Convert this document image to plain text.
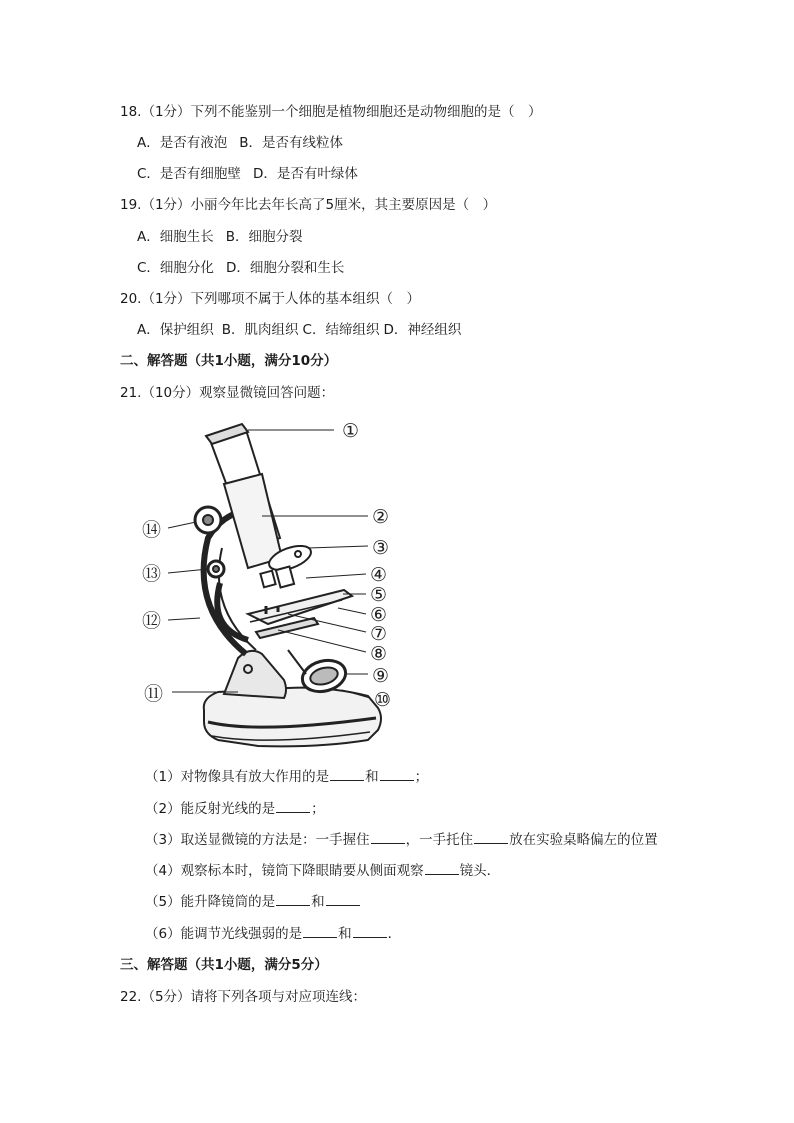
18.（1分）下列不能鉴别一个细胞是植物细胞还是动物细胞的是（　）
A．是否有液泡 B．是否有线粒体
C．是否有细胞壁 D．是否有叶绿体
19.（1分）小丽今年比去年长高了5厘米，其主要原因是（　）
A．细胞生长 B．细胞分裂
C．细胞分化 D．细胞分裂和生长
20.（1分）下列哪项不属于人体的基本组织（　）
A．保护组织 B．肌肉组织 C．结缔组织 D．神经组织
二、解答题（共1小题，满分10分）
21.（10分）观察显微镜回答问题：
①
②
③
④
⑤
⑥
⑦
⑧
⑨
⑩
⑪
⑫
⑬
⑭
（1）对物像具有放大作用的是	和	；
（2）能反射光线的是	；
（3）取送显微镜的方法是：一手握住	，一手托住	放在实验桌略偏左的位置
（4）观察标本时，镜筒下降眼睛要从侧面观察	镜头．
（5）能升降镜筒的是	和
（6）能调节光线强弱的是	和	．
三、解答题（共1小题，满分5分）
22.（5分）请将下列各项与对应项连线：
